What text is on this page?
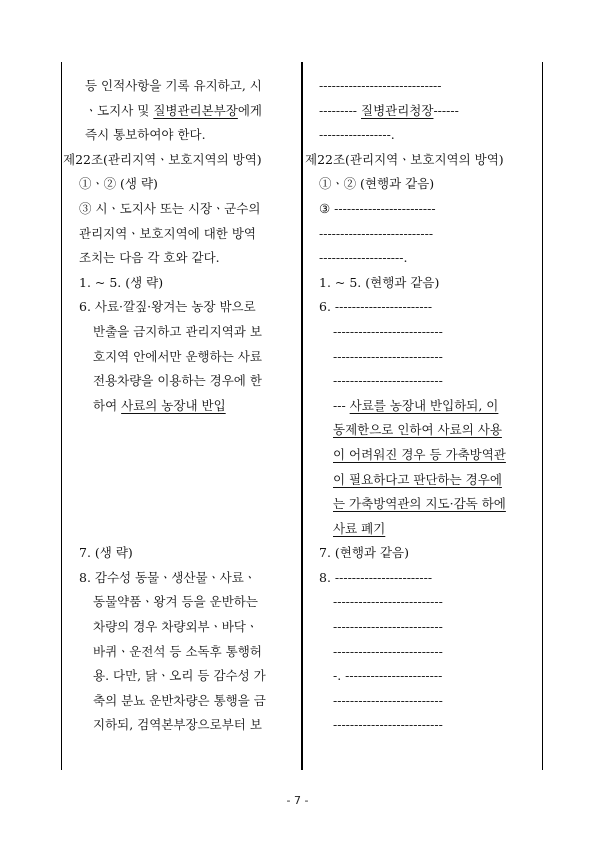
등 인적사항을 기록 유지하고, 시
ㆍ도지사 및 질병관리본부장에게
즉시 통보하여야 한다.
제22조(관리지역ㆍ보호지역의 방역)
①ㆍ② (생 략)
③ 시ㆍ도지사 또는 시장ㆍ군수의
관리지역ㆍ보호지역에 대한 방역
조치는 다음 각 호와 같다.
1. ~ 5. (생 략)
6. 사료·깔짚·왕겨는 농장 밖으로
반출을 금지하고 관리지역과 보
호지역 안에서만 운행하는 사료
전용차량을 이용하는 경우에 한
하여 사료의 농장내 반입
7. (생 략)
8. 감수성 동물ㆍ생산물ㆍ사료ㆍ
동물약품ㆍ왕겨 등을 운반하는
차량의 경우 차량외부ㆍ바닥ㆍ
바퀴ㆍ운전석 등 소독후 통행허
용. 다만, 닭ㆍ오리 등 감수성 가
축의 분뇨 운반차량은 통행을 금
지하되, 검역본부장으로부터 보
-----------------------------
--------- 질병관리청장------
-----------------.
제22조(관리지역ㆍ보호지역의 방역)
①ㆍ② (현행과 같음)
③ ------------------------
---------------------------
--------------------.
1. ~ 5. (현행과 같음)
6. -----------------------
--------------------------
--------------------------
--------------------------
--- 사료를 농장내 반입하되, 이
동제한으로 인하여 사료의 사용
이 어려워진 경우 등 가축방역관
이 필요하다고 판단하는 경우에
는 가축방역관의 지도·감독 하에
사료 폐기
7. (현행과 같음)
8. -----------------------
--------------------------
--------------------------
--------------------------
-. -----------------------
--------------------------
--------------------------
- 7 -
